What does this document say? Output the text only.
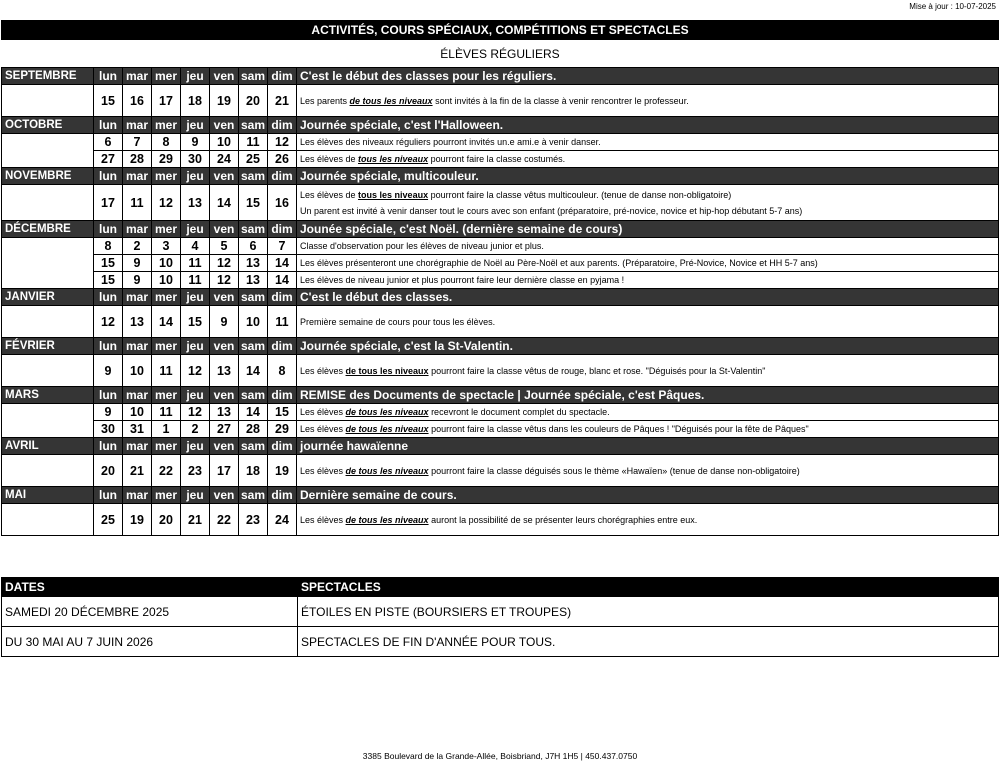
Mise à jour : 10-07-2025
ACTIVITÉS, COURS SPÉCIAUX, COMPÉTITIONS ET SPECTACLES
ÉLÈVES RÉGULIERS
SEPTEMBRE	lun	mar	mer	jeu	ven	sam	dim	C'est le début des classes pour les réguliers.
	15	16	17	18	19	20	21	Les parents de tous les niveaux sont invités à la fin de la classe à venir rencontrer le professeur.
OCTOBRE	lun	mar	mer	jeu	ven	sam	dim	Journée spéciale, c'est l'Halloween.
	6	7	8	9	10	11	12	Les élèves des niveaux réguliers pourront invités un.e ami.e à venir danser.
	27	28	29	30	24	25	26	Les élèves de tous les niveaux pourront faire la classe costumés.
NOVEMBRE	lun	mar	mer	jeu	ven	sam	dim	Journée spéciale, multicouleur.
	17	11	12	13	14	15	16	Les élèves de tous les niveaux pourront faire la classe vêtus multicouleur. (tenue de danse non-obligatoire)
Un parent est invité à venir danser tout le cours avec son enfant (préparatoire, pré-novice, novice et hip-hop débutant 5-7 ans)

DÉCEMBRE	lun	mar	mer	jeu	ven	sam	dim	Jounée spéciale, c'est Noël. (dernière semaine de cours)
	8	2	3	4	5	6	7	Classe d'observation pour les élèves de niveau junior et plus.
	15	9	10	11	12	13	14	Les élèves présenteront une chorégraphie de Noël au Père-Noël et aux parents. (Préparatoire, Pré-Novice, Novice et HH 5-7 ans)
	15	9	10	11	12	13	14	Les élèves de niveau junior et plus pourront faire leur dernière classe en pyjama !
JANVIER	lun	mar	mer	jeu	ven	sam	dim	C'est le début des classes.
	12	13	14	15	9	10	11	Première semaine de cours pour tous les élèves.
FÉVRIER	lun	mar	mer	jeu	ven	sam	dim	Journée spéciale, c'est la St-Valentin.
	9	10	11	12	13	14	8	Les élèves de tous les niveaux pourront faire la classe vêtus de rouge, blanc et rose. "Déguisés pour la St-Valentin"
MARS	lun	mar	mer	jeu	ven	sam	dim	REMISE des Documents de spectacle | Journée spéciale, c'est Pâques.
	9	10	11	12	13	14	15	Les élèves de tous les niveaux recevront le document complet du spectacle.
	30	31	1	2	27	28	29	Les élèves de tous les niveaux pourront faire la classe vêtus dans les couleurs de Pâques ! "Déguisés pour la fête de Pâques"
AVRIL	lun	mar	mer	jeu	ven	sam	dim	journée hawaïenne
	20	21	22	23	17	18	19	Les élèves de tous les niveaux pourront faire la classe déguisés sous le thème «Hawaïen» (tenue de danse non-obligatoire)
MAI	lun	mar	mer	jeu	ven	sam	dim	Dernière semaine de cours.
	25	19	20	21	22	23	24	Les élèves de tous les niveaux auront la possibilité de se présenter leurs chorégraphies entre eux.
DATES	SPECTACLES
SAMEDI 20 DÉCEMBRE 2025	ÉTOILES EN PISTE (BOURSIERS ET TROUPES)
DU 30 MAI AU 7 JUIN 2026	SPECTACLES DE FIN D'ANNÉE POUR TOUS.
3385 Boulevard de la Grande-Allée, Boisbriand, J7H 1H5 | 450.437.0750
